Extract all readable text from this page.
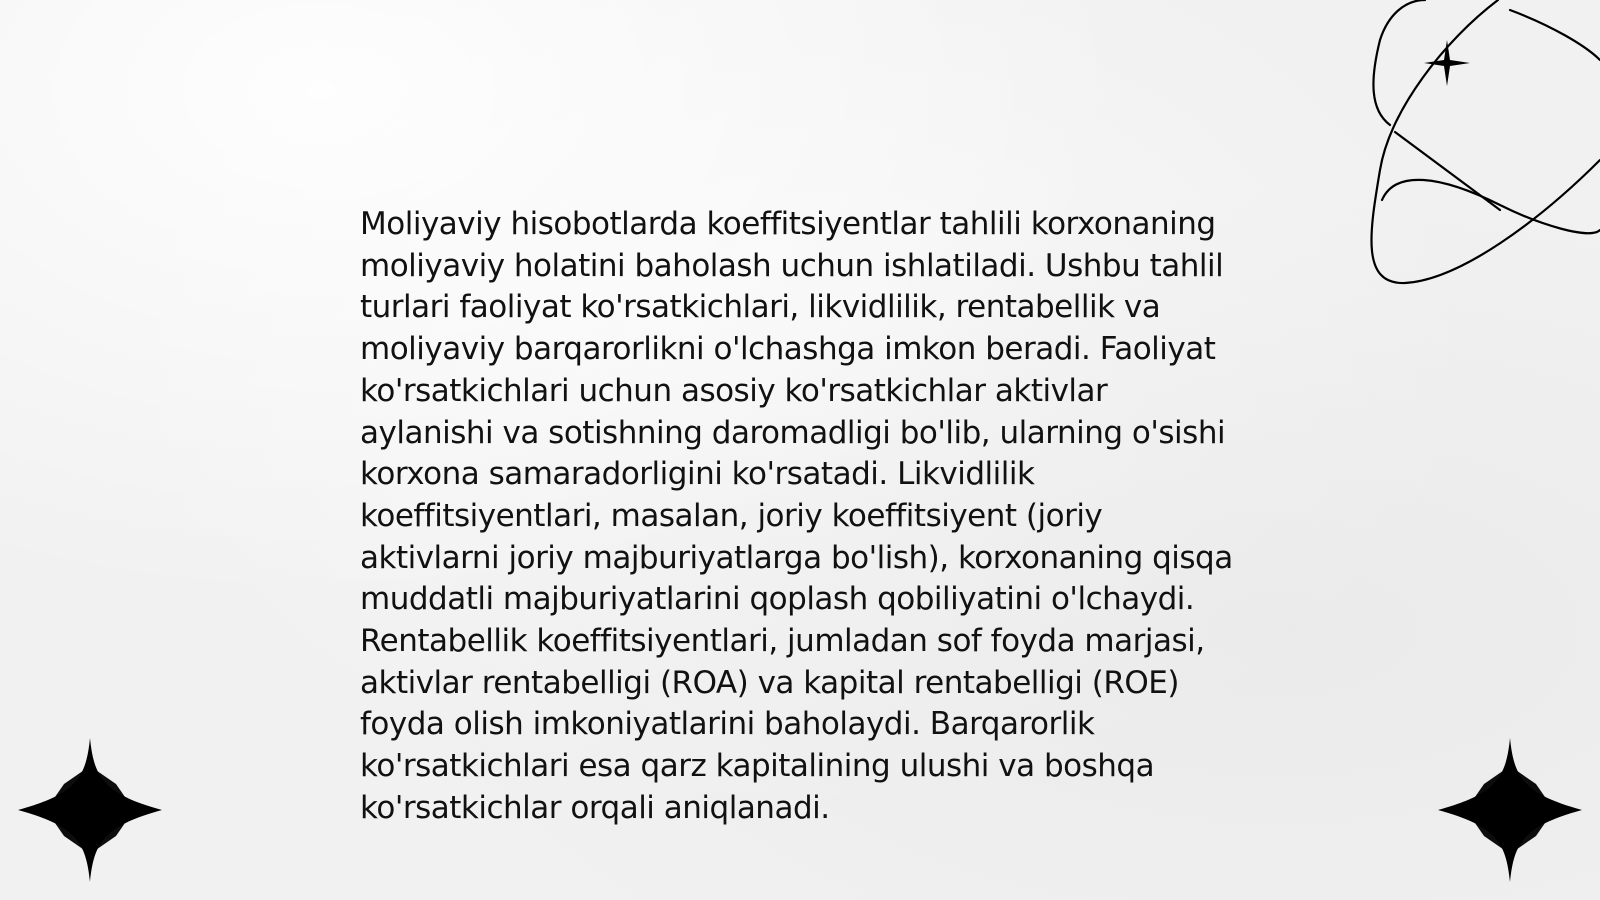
Moliyaviy hisobotlarda koeffitsiyentlar tahlili korxonaning moliyaviy holatini baholash uchun ishlatiladi. Ushbu tahlil turlari faoliyat ko'rsatkichlari, likvidlilik, rentabellik va moliyaviy barqarorlikni o'lchashga imkon beradi. Faoliyat ko'rsatkichlari uchun asosiy ko'rsatkichlar aktivlar aylanishi va sotishning daromadligi bo'lib, ularning o'sishi korxona samaradorligini ko'rsatadi. Likvidlilik koeffitsiyentlari, masalan, joriy koeffitsiyent (joriy aktivlarni joriy majburiyatlarga bo'lish), korxonaning qisqa muddatli majburiyatlarini qoplash qobiliyatini o'lchaydi. Rentabellik koeffitsiyentlari, jumladan sof foyda marjasi, aktivlar rentabelligi (ROA) va kapital rentabelligi (ROE) foyda olish imkoniyatlarini baholaydi. Barqarorlik ko'rsatkichlari esa qarz kapitalining ulushi va boshqa ko'rsatkichlar orqali aniqlanadi.
